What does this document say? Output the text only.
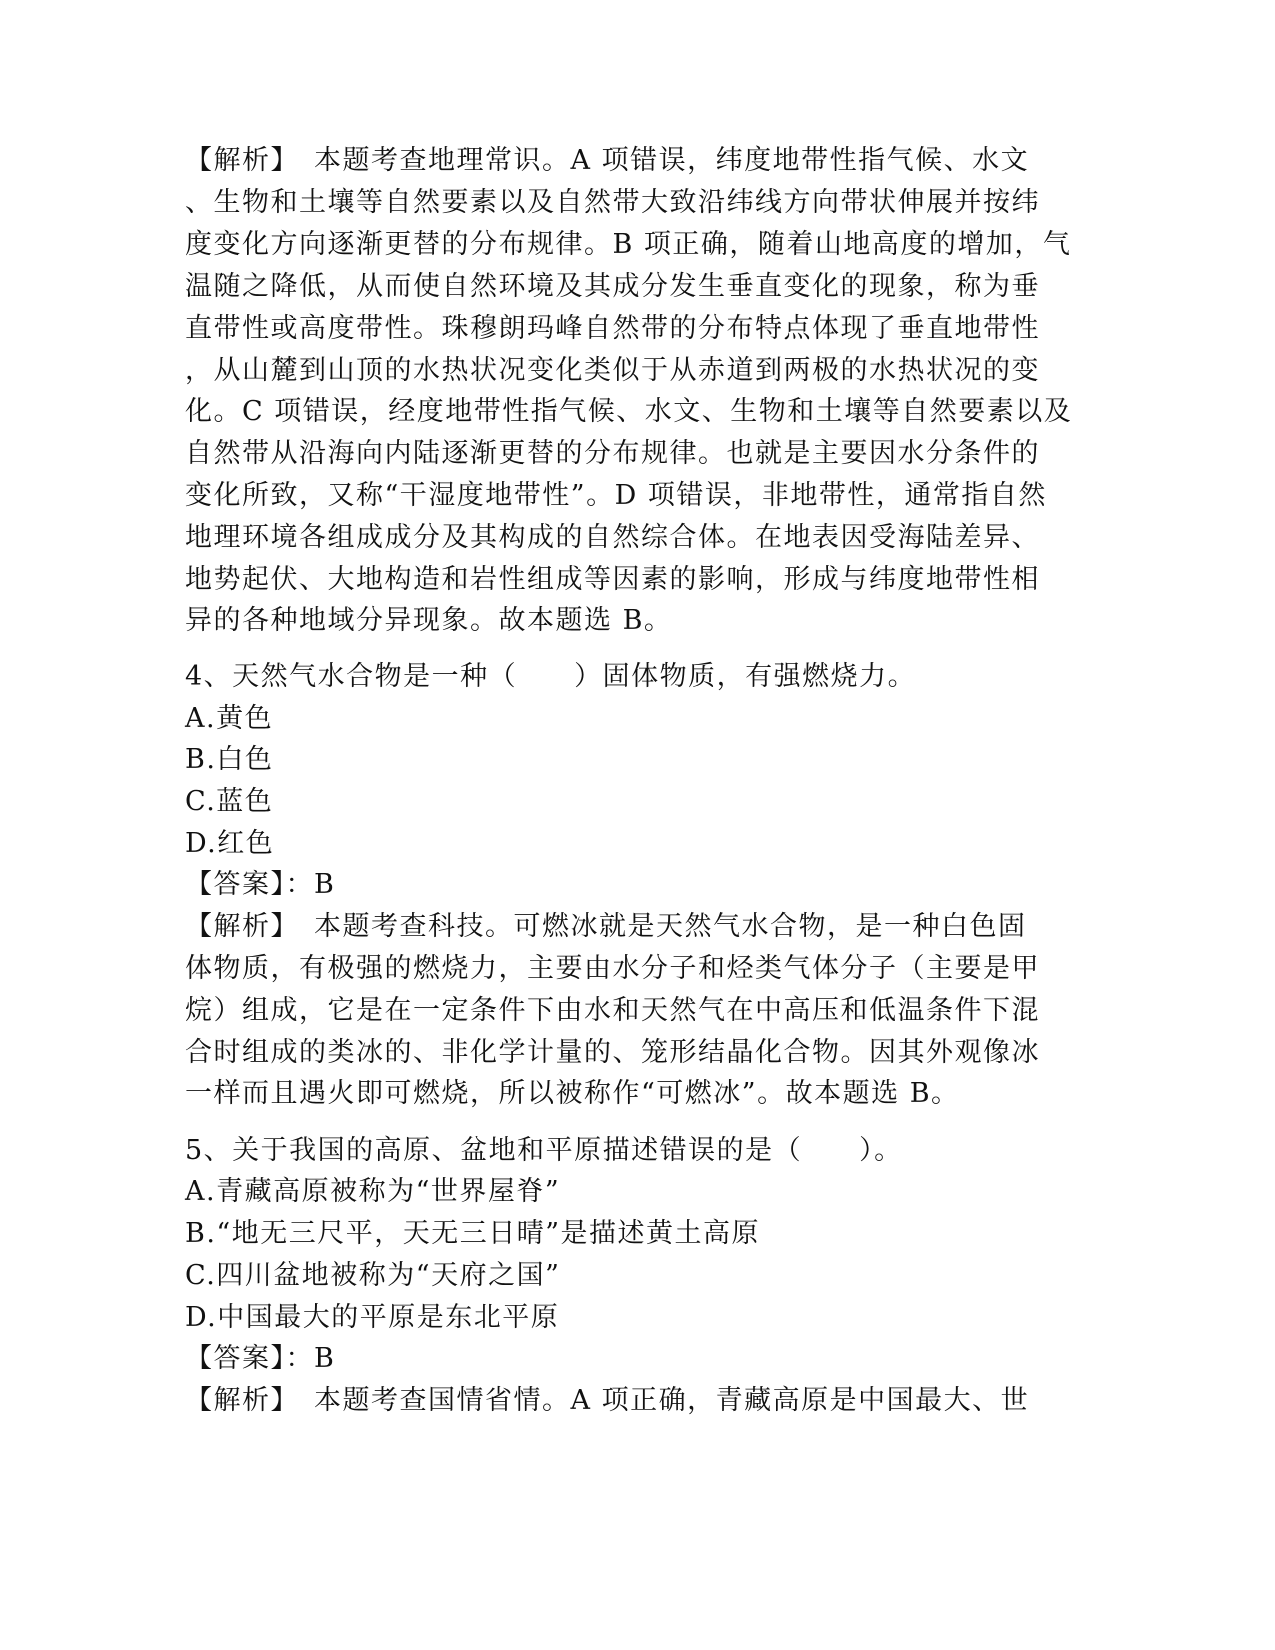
【解析】　本题考查地理常识。A 项错误，纬度地带性指气候、水文
、生物和土壤等自然要素以及自然带大致沿纬线方向带状伸展并按纬
度变化方向逐渐更替的分布规律。B 项正确，随着山地高度的增加，气
温随之降低，从而使自然环境及其成分发生垂直变化的现象，称为垂
直带性或高度带性。珠穆朗玛峰自然带的分布特点体现了垂直地带性
，从山麓到山顶的水热状况变化类似于从赤道到两极的水热状况的变
化。C 项错误，经度地带性指气候、水文、生物和土壤等自然要素以及
自然带从沿海向内陆逐渐更替的分布规律。也就是主要因水分条件的
变化所致，又称“干湿度地带性”。D 项错误，非地带性，通常指自然
地理环境各组成成分及其构成的自然综合体。在地表因受海陆差异、
地势起伏、大地构造和岩性组成等因素的影响，形成与纬度地带性相
异的各种地域分异现象。故本题选 B。
4、天然气水合物是一种（　　）固体物质，有强燃烧力。
A.黄色
B.白色
C.蓝色
D.红色
【答案】：B
【解析】　本题考查科技。可燃冰就是天然气水合物，是一种白色固
体物质，有极强的燃烧力，主要由水分子和烃类气体分子（主要是甲
烷）组成，它是在一定条件下由水和天然气在中高压和低温条件下混
合时组成的类冰的、非化学计量的、笼形结晶化合物。因其外观像冰
一样而且遇火即可燃烧，所以被称作“可燃冰”。故本题选 B。
5、关于我国的高原、盆地和平原描述错误的是（　　）。
A.青藏高原被称为“世界屋脊”
B.“地无三尺平，天无三日晴”是描述黄土高原
C.四川盆地被称为“天府之国”
D.中国最大的平原是东北平原
【答案】：B
【解析】　本题考查国情省情。A 项正确，青藏高原是中国最大、世
